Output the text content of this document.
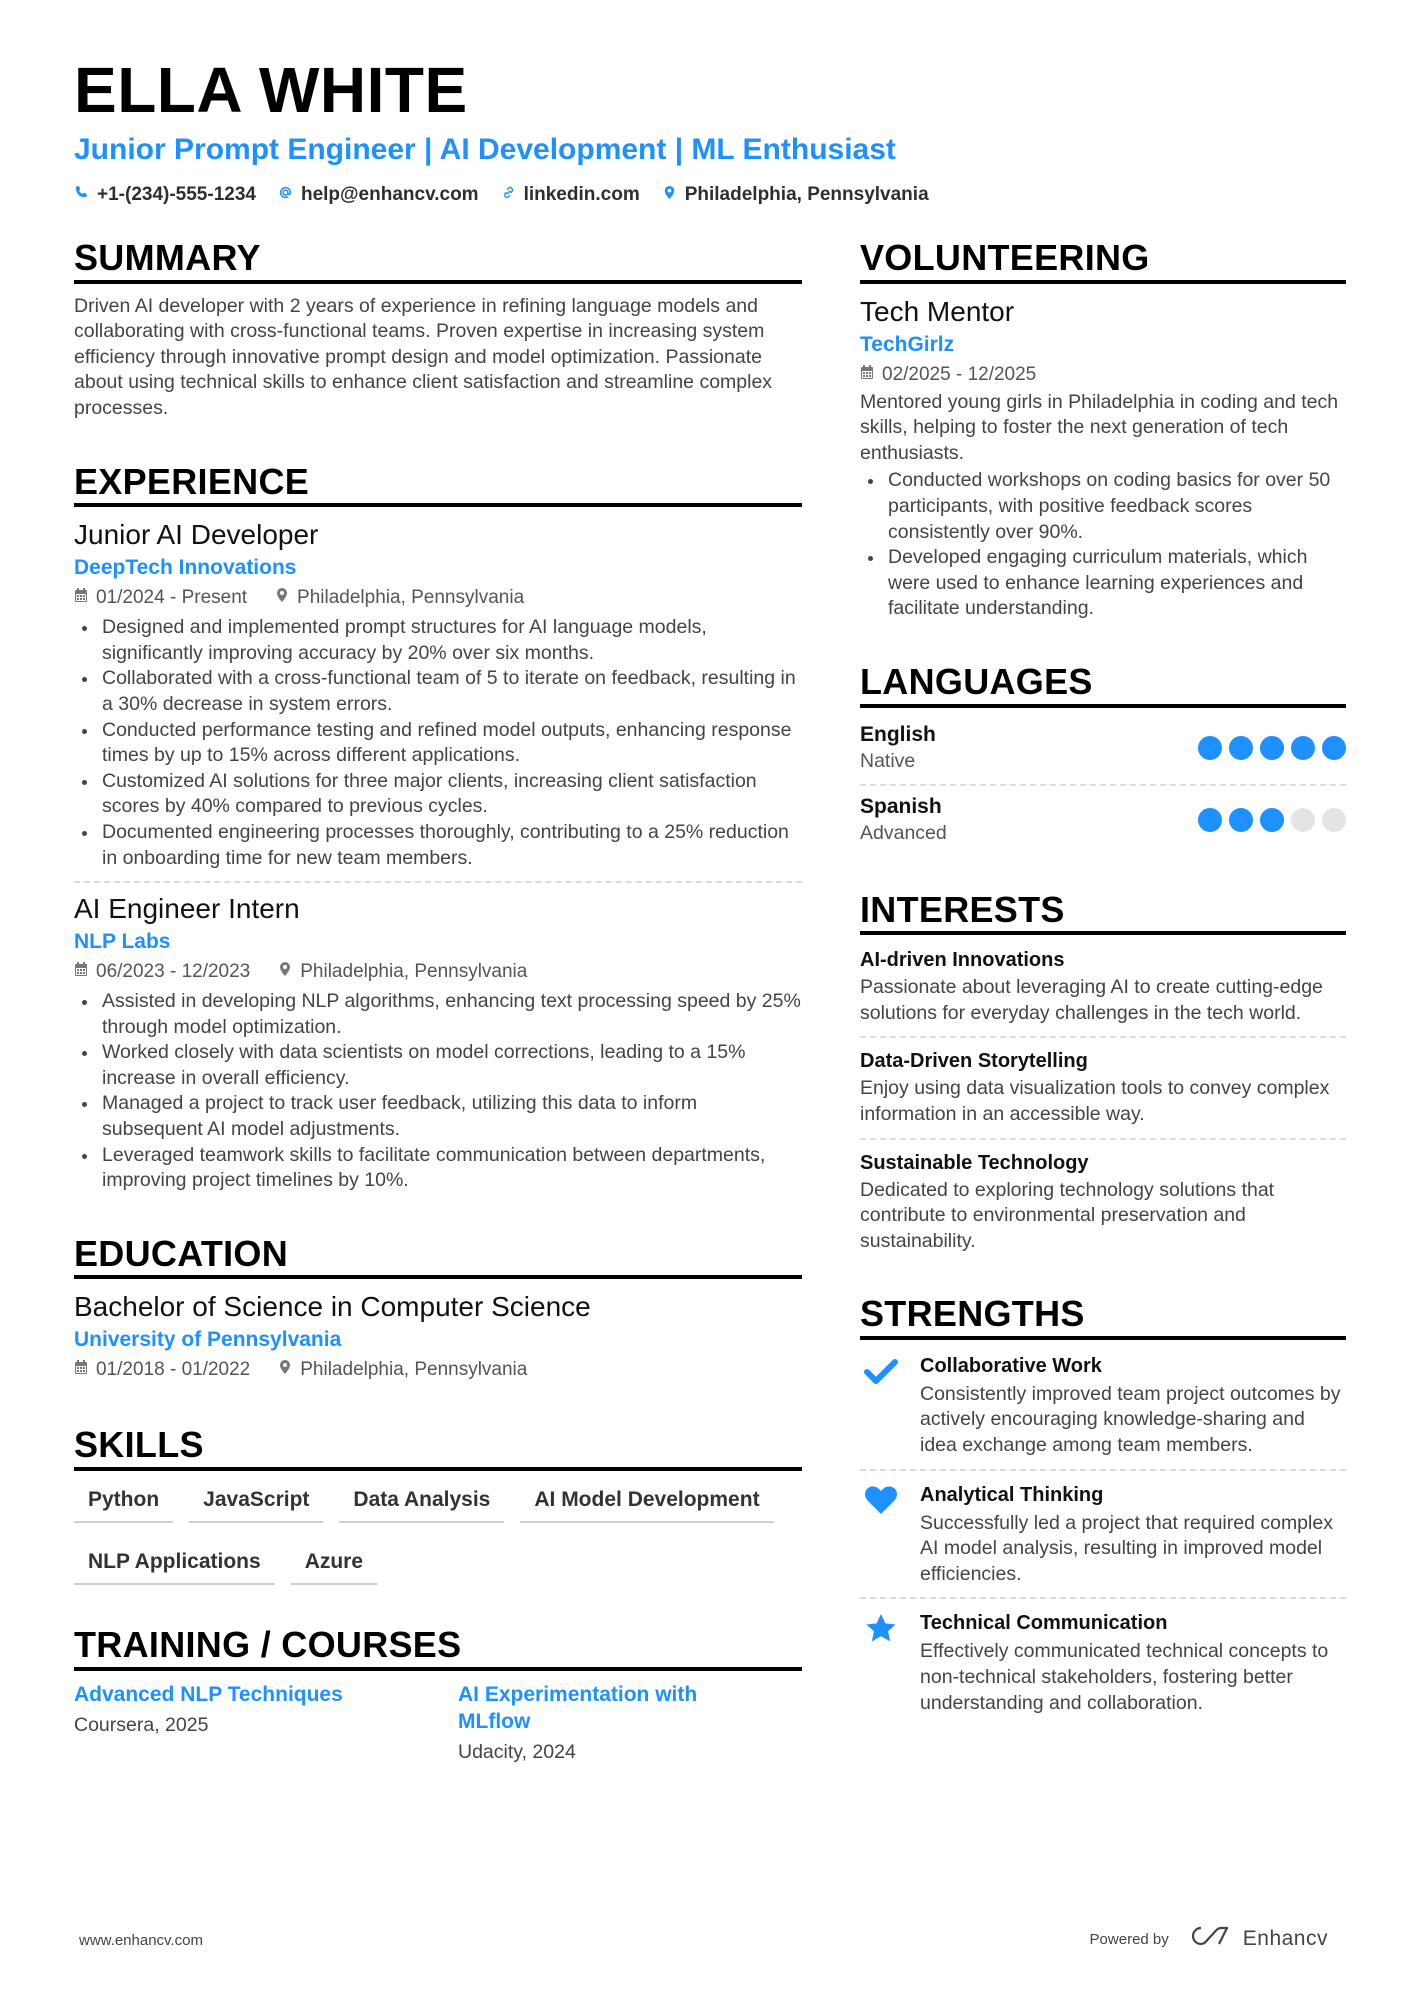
ELLA WHITE
Junior Prompt Engineer | AI Development | ML Enthusiast
+1-(234)-555-1234 help@enhancv.com linkedin.com Philadelphia, Pennsylvania
SUMMARY

Driven AI developer with 2 years of experience in refining language models and collaborating with cross-functional teams. Proven expertise in increasing system efficiency through innovative prompt design and model optimization. Passionate about using technical skills to enhance client satisfaction and streamline complex processes.

EXPERIENCE
Junior AI Developer
DeepTech Innovations
01/2024 - Present	Philadelphia, Pennsylvania
Designed and implemented prompt structures for AI language models, significantly improving accuracy by 20% over six months.
Collaborated with a cross-functional team of 5 to iterate on feedback, resulting in a 30% decrease in system errors.
Conducted performance testing and refined model outputs, enhancing response times by up to 15% across different applications.
Customized AI solutions for three major clients, increasing client satisfaction scores by 40% compared to previous cycles.
Documented engineering processes thoroughly, contributing to a 25% reduction in onboarding time for new team members.
AI Engineer Intern
NLP Labs
06/2023 - 12/2023	Philadelphia, Pennsylvania
Assisted in developing NLP algorithms, enhancing text processing speed by 25% through model optimization.
Worked closely with data scientists on model corrections, leading to a 15% increase in overall efficiency.
Managed a project to track user feedback, utilizing this data to inform subsequent AI model adjustments.
Leveraged teamwork skills to facilitate communication between departments, improving project timelines by 10%.
EDUCATION
Bachelor of Science in Computer Science
University of Pennsylvania
01/2018 - 01/2022	Philadelphia, Pennsylvania
SKILLS
Python	JavaScript	Data Analysis	AI Model Development
NLP Applications	Azure
TRAINING / COURSES
Advanced NLP Techniques
Coursera, 2025
AI Experimentation with MLflow
Udacity, 2024
VOLUNTEERING
Tech Mentor
TechGirlz
02/2025 - 12/2025

Mentored young girls in Philadelphia in coding and tech skills, helping to foster the next generation of tech enthusiasts.

Conducted workshops on coding basics for over 50 participants, with positive feedback scores consistently over 90%.
Developed engaging curriculum materials, which were used to enhance learning experiences and facilitate understanding.
LANGUAGES
English
Native
Spanish
Advanced
INTERESTS
AI-driven Innovations

Passionate about leveraging AI to create cutting-edge solutions for everyday challenges in the tech world.

Data-Driven Storytelling

Enjoy using data visualization tools to convey complex information in an accessible way.

Sustainable Technology

Dedicated to exploring technology solutions that contribute to environmental preservation and sustainability.

STRENGTHS
Collaborative Work

Consistently improved team project outcomes by actively encouraging knowledge-sharing and idea exchange among team members.

Analytical Thinking

Successfully led a project that required complex AI model analysis, resulting in improved model efficiencies.

Technical Communication

Effectively communicated technical concepts to non-technical stakeholders, fostering better understanding and collaboration.

www.enhancv.com	Powered by	Enhancv
